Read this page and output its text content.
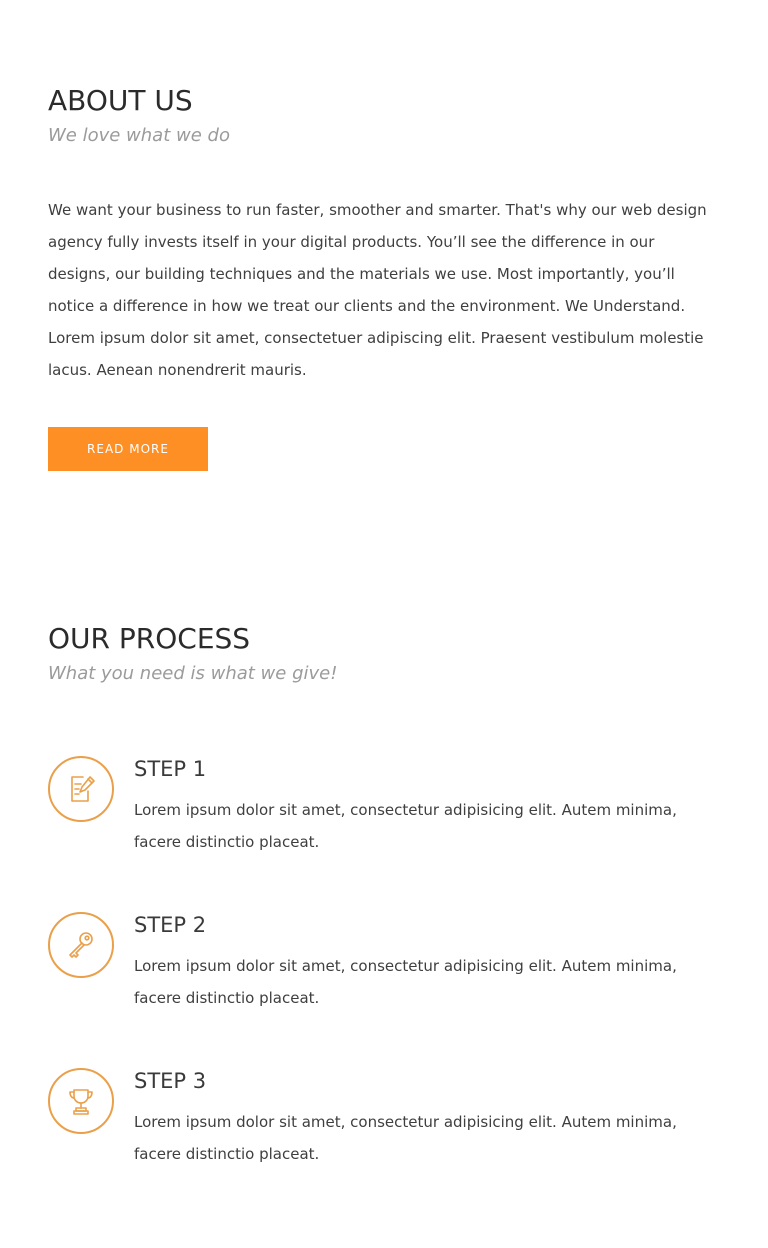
ABOUT US

We love what we do

We want your business to run faster, smoother and smarter. That's why our web design agency fully invests itself in your digital products. You’ll see the difference in our designs, our building techniques and the materials we use. Most importantly, you’ll notice a difference in how we treat our clients and the environment. We Understand. Lorem ipsum dolor sit amet, consectetuer adipiscing elit. Praesent vestibulum molestie lacus. Aenean nonendrerit mauris.

READ MORE
OUR PROCESS

What you need is what we give!

STEP 1

Lorem ipsum dolor sit amet, consectetur adipisicing elit. Autem minima, facere distinctio placeat.

STEP 2

Lorem ipsum dolor sit amet, consectetur adipisicing elit. Autem minima, facere distinctio placeat.

STEP 3

Lorem ipsum dolor sit amet, consectetur adipisicing elit. Autem minima, facere distinctio placeat.
